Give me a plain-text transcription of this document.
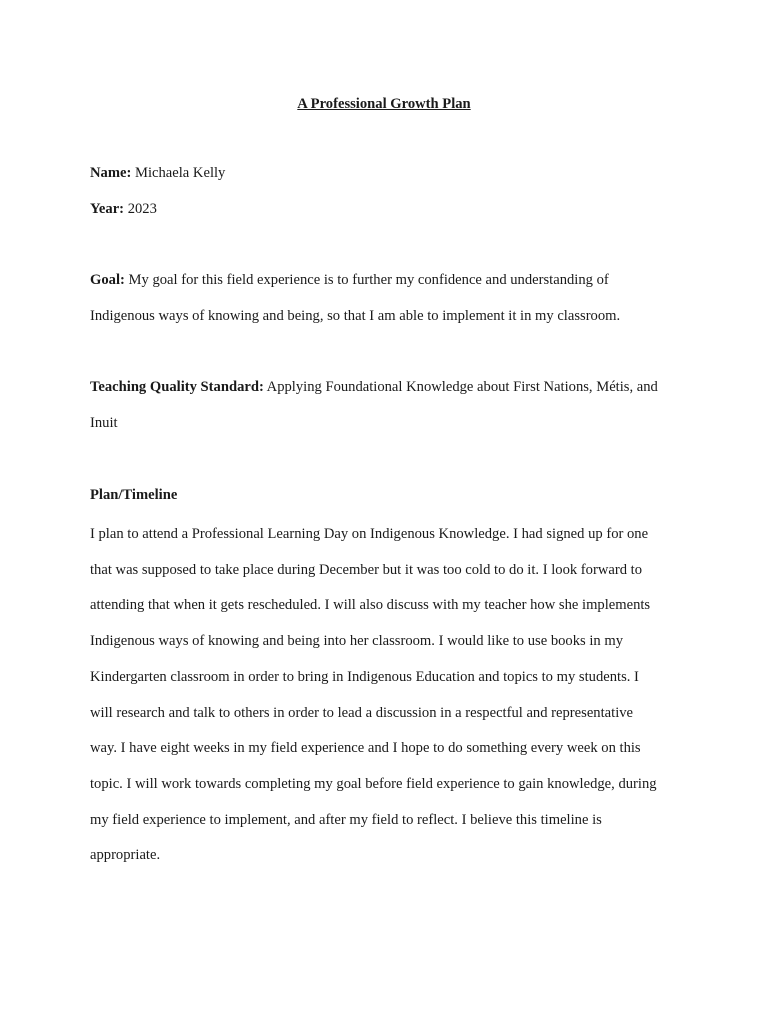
A Professional Growth Plan
Name: Michaela Kelly
Year: 2023
Goal: My goal for this field experience is to further my confidence and understanding of
Indigenous ways of knowing and being, so that I am able to implement it in my classroom.
Teaching Quality Standard: Applying Foundational Knowledge about First Nations, Métis, and
Inuit
Plan/Timeline
I plan to attend a Professional Learning Day on Indigenous Knowledge. I had signed up for one
that was supposed to take place during December but it was too cold to do it. I look forward to
attending that when it gets rescheduled. I will also discuss with my teacher how she implements
Indigenous ways of knowing and being into her classroom. I would like to use books in my
Kindergarten classroom in order to bring in Indigenous Education and topics to my students. I
will research and talk to others in order to lead a discussion in a respectful and representative
way. I have eight weeks in my field experience and I hope to do something every week on this
topic. I will work towards completing my goal before field experience to gain knowledge, during
my field experience to implement, and after my field to reflect. I believe this timeline is
appropriate.
